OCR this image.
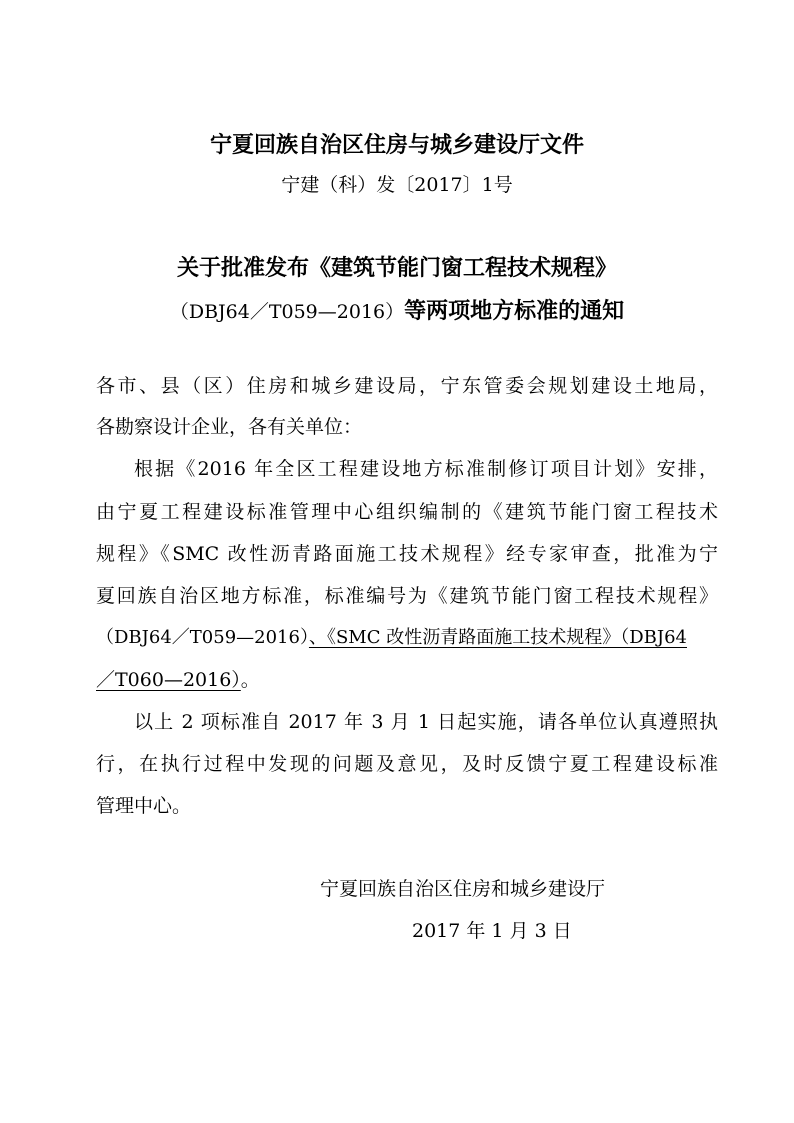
宁夏回族自治区住房与城乡建设厅文件
宁建（科）发〔2017〕1号
关于批准发布《建筑节能门窗工程技术规程》
（DBJ64／T059—2016）等两项地方标准的通知
各市、县（区）住房和城乡建设局，宁东管委会规划建设土地局，
各勘察设计企业，各有关单位：
根据《2016 年全区工程建设地方标准制修订项目计划》安排，
由宁夏工程建设标准管理中心组织编制的《建筑节能门窗工程技术
规程》《SMC 改性沥青路面施工技术规程》经专家审查，批准为宁
夏回族自治区地方标准，标准编号为《建筑节能门窗工程技术规程》
（DBJ64／T059—2016）、《SMC 改性沥青路面施工技术规程》（DBJ64
／T060—2016）。
以上 2 项标准自 2017 年 3 月 1 日起实施，请各单位认真遵照执
行，在执行过程中发现的问题及意见，及时反馈宁夏工程建设标准
管理中心。
宁夏回族自治区住房和城乡建设厅
2017 年 1 月 3 日
